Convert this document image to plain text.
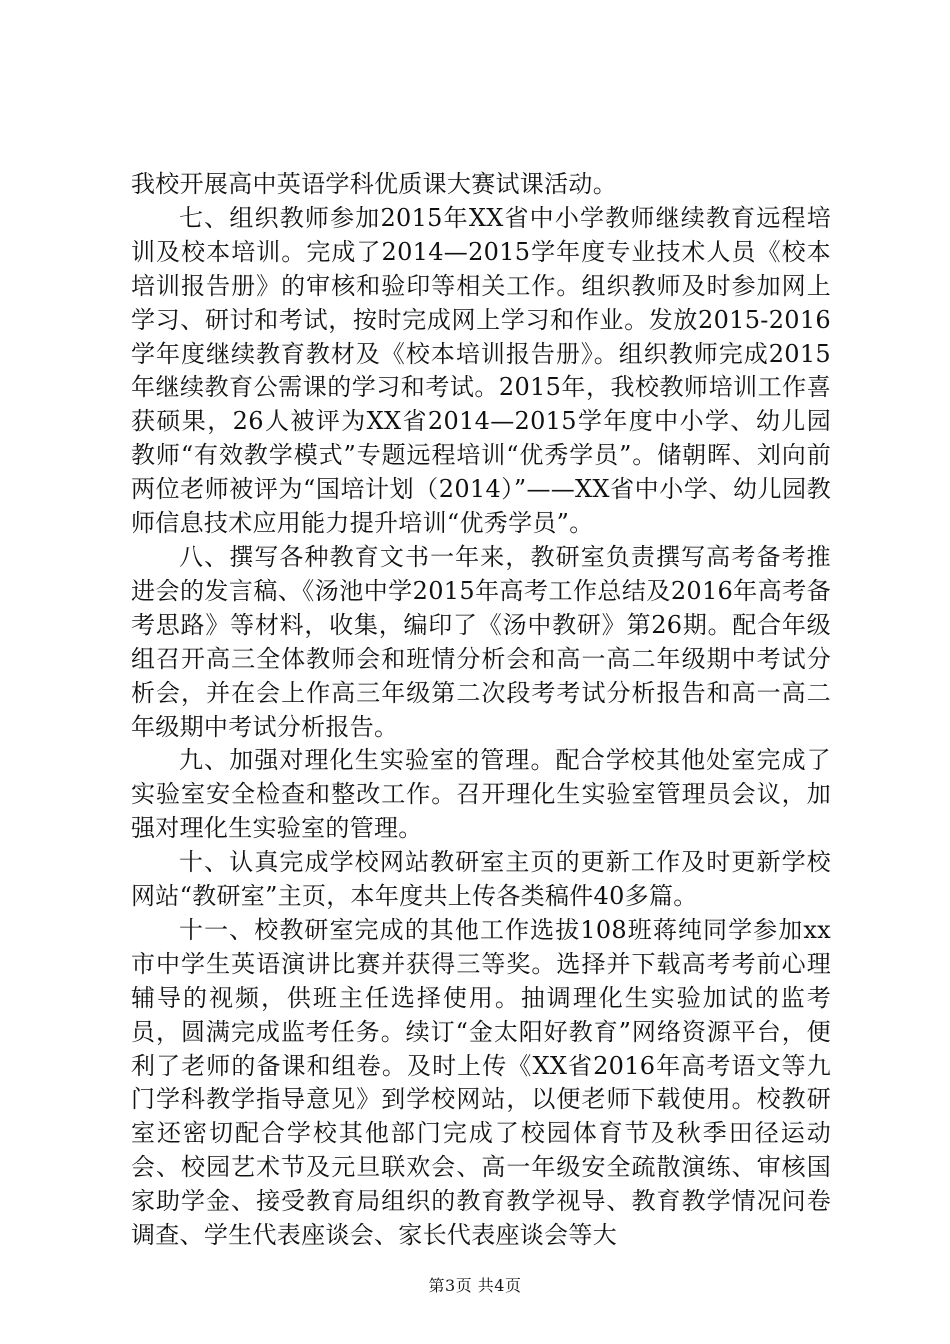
我校开展高中英语学科优质课大赛试课活动。

七、组织教师参加2015年XX省中小学教师继续教育远程培训及校本培训。完成了2014—2015学年度专业技术人员《校本培训报告册》的审核和验印等相关工作。组织教师及时参加网上学习、研讨和考试，按时完成网上学习和作业。发放2015-2016学年度继续教育教材及《校本培训报告册》。组织教师完成2015年继续教育公需课的学习和考试。2015年，我校教师培训工作喜获硕果，26人被评为XX省2014—2015学年度中小学、幼儿园教师“有效教学模式”专题远程培训“优秀学员”。储朝晖、刘向前两位老师被评为“国培计划（2014）”——XX省中小学、幼儿园教师信息技术应用能力提升培训“优秀学员”。

八、撰写各种教育文书一年来，教研室负责撰写高考备考推进会的发言稿、《汤池中学2015年高考工作总结及2016年高考备考思路》等材料，收集，编印了《汤中教研》第26期。配合年级组召开高三全体教师会和班情分析会和高一高二年级期中考试分析会，并在会上作高三年级第二次段考考试分析报告和高一高二年级期中考试分析报告。

九、加强对理化生实验室的管理。配合学校其他处室完成了实验室安全检查和整改工作。召开理化生实验室管理员会议，加强对理化生实验室的管理。

十、认真完成学校网站教研室主页的更新工作及时更新学校网站“教研室”主页，本年度共上传各类稿件40多篇。

十一、校教研室完成的其他工作选拔108班蒋纯同学参加xx市中学生英语演讲比赛并获得三等奖。选择并下载高考考前心理辅导的视频，供班主任选择使用。抽调理化生实验加试的监考员，圆满完成监考任务。续订“金太阳好教育”网络资源平台，便利了老师的备课和组卷。及时上传《XX省2016年高考语文等九门学科教学指导意见》到学校网站，以便老师下载使用。校教研室还密切配合学校其他部门完成了校园体育节及秋季田径运动会、校园艺术节及元旦联欢会、高一年级安全疏散演练、审核国家助学金、接受教育局组织的教育教学视导、教育教学情况问卷调查、学生代表座谈会、家长代表座谈会等大

第3页 共4页
